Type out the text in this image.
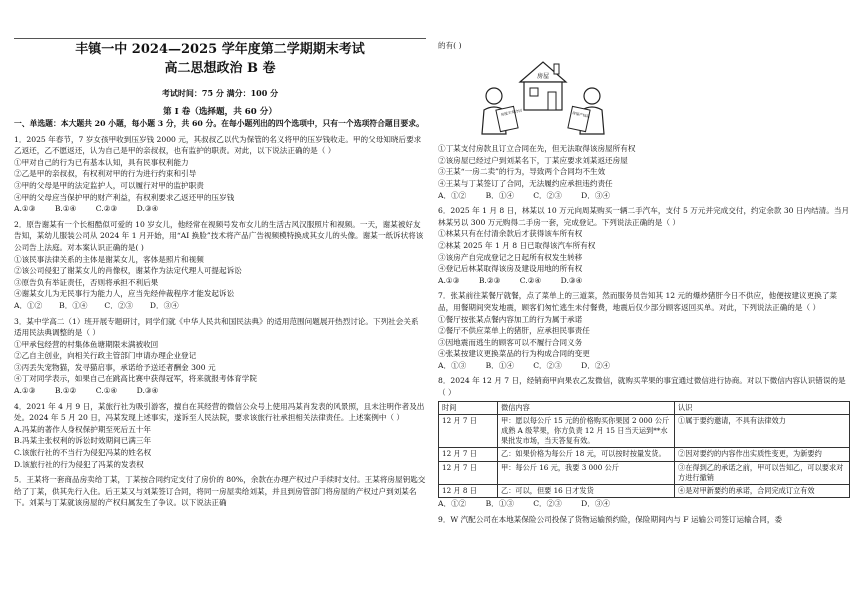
丰镇一中 2024—2025 学年度第二学期期末考试
高二思想政治 B 卷
考试时间：75 分 满分：100 分
第 Ⅰ 卷（选择题，共 60 分）

一、单选题：本大题共 20 小题，每小题 3 分，共 60 分。在每小题列出的四个选项中，只有一个选项符合题目要求。

1．2025 年春节，7 岁女孩甲收到压岁钱 2000 元，其叔叔乙以代为保管的名义将甲的压岁钱收走。甲的父母知晓后要求乙返还，乙不愿返还，认为自己是甲的亲叔叔，也有监护的职责。对此，以下说法正确的是（ ）

①甲对自己的行为已有基本认知，具有民事权利能力

②乙是甲的亲叔叔，有权利对甲的行为进行约束和引导

③甲的父母是甲的法定监护人，可以履行对甲的监护职责

④甲的父母应当保护甲的财产利益，有权利要求乙返还甲的压岁钱

A.①③        B.①④        C.②③        D.③④

2．原告谢某有一个长相酷似可爱的 10 岁女儿，他经常在视频号发布女儿的生活古风汉服照片和视频。一天，谢某被好友告知，某幼儿服装公司从 2024 年 1 月开始，用“AI 换脸”技术将产品广告视频模特换成其女儿的头像。谢某一纸诉状将该公司告上法庭。对本案认识正确的是( )

①该民事法律关系的主体是谢某女儿，客体是照片和视频

②该公司侵犯了谢某女儿的肖像权，谢某作为法定代理人可提起诉讼

③原告负有举证责任，否则将承担不利后果

④谢某女儿为无民事行为能力人，应当先经仲裁程序才能发起诉讼

A．①②       B．①④       C．②③       D．③④

3．某中学高二（1）班开展专题研讨，同学们就《中华人民共和国民法典》的适用范围问题展开热烈讨论。下列社会关系适用民法典调整的是（ ）

①甲承包经营的村集体鱼塘期限未满被收回

②乙自主创业，向相关行政主管部门申请办理企业登记

③丙丢失宠物猫，发寻猫启事，承诺给予送还者酬金 300 元

④丁对同学表示，如果自己在跳高比赛中获得冠军，将来就报考体育学院

A.①③        B.①②        C.①④        D.③④

4．2021 年 4 月 9 日，某旅行社为吸引游客，擅自在其经营的微信公众号上使用冯某肖发表的风景照，且未注明作者及出处。2024 年 5 月 20 日，冯某发现上述事实，遂诉至人民法院，要求该旅行社承担相关法律责任。上述案例中（ ）

A.冯某的著作人身权保护期至死后五十年

B.冯某主张权利的诉讼时效期间已满三年

C.该旅行社的不当行为侵犯冯某的姓名权

D.该旅行社的行为侵犯了冯某的发表权

5．王某将一套商品房卖给丁某，丁某按合同约定支付了房价的 80%，余款在办理产权过户手续时支付。王某将房屋钥匙交给了丁某，供其先行入住。后王某又与刘某签订合同，将同一房屋卖给刘某，并且到房管部门将房屋的产权过户到刘某名下。刘某与丁某就该房屋的产权归属发生了争议。以下说法正确

的有( )

房屋
房屋买卖合同	房屋产权证

①丁某支付房款且订立合同在先，但无法取得该房屋所有权

②该房屋已经过户到刘某名下，丁某应要求刘某返还房屋

③王某“一房二卖”的行为，导致两个合同均不生效

④王某与丁某签订了合同，无法履约应承担违约责任

A．①②        B．①④        C．②③        D．③④

6．2025 年 1 月 8 日，林某以 10 万元向周某购买一辆二手汽车，支付 5 万元并完成交付，约定余款 30 日内结清。当月林某另以 300 万元购得二手房一套，完成登记。下列说法正确的是（ ）

①林某只有在付清余款后才获得该车所有权

②林某 2025 年 1 月 8 日已取得该汽车所有权

③该房产自完成登记之日起所有权发生转移

④登记后林某取得该房及建设用地的所有权

A.①③        B.②③        C.②④        D.③④

7．张某前往某餐厅就餐，点了菜单上的三道菜，然而服务员告知其 12 元的爆炒猪肝今日不供应，他便按建议更换了菜品，用餐期间突发地震，顾客们匆忙逃生未付餐费，地震后仅少部分顾客返回买单。对此，下列说法正确的是（ ）

①餐厅按张某点餐内容加工的行为属于承诺

②餐厅不供应菜单上的猪肝，应承担民事责任

③因地震而逃生的顾客可以不履行合同义务

④张某按建议更换菜品的行为构成合同的变更

A．①③        B．①④        C．②③        D．②④

8．2024 年 12 月 7 日，经销商甲向果农乙发微信，就购买苹果的事宜通过微信进行协商。对以下微信内容认识错误的是（ ）

时间	微信内容	认识
12 月 7 日	甲：愿以每公斤 15 元的价格购买你果园 2 000 公斤成熟 A 级苹果，你方负责 12 月 15 日当天运到**水果批发市场，当天答复有效。	①属于要约邀请，不具有法律效力
12 月 7 日	乙：如果价格为每公斤 18 元，可以按时按量发货。	②因对要约的内容作出实质性变更，为新要约
12 月 7 日	甲：每公斤 16 元，我要 3 000 公斤	③在得到乙的承诺之前，甲可以告知乙，可以要求对方进行撤销
12 月 8 日	乙：可以，但要 16 日才发货	④是对甲新要约的承诺，合同完成订立有效

A．①②        B．①③        C．②③        D．③④

9．W 汽配公司在本地某保险公司投保了货物运输预约险，保险期间内与 F 运输公司签订运输合同，委
